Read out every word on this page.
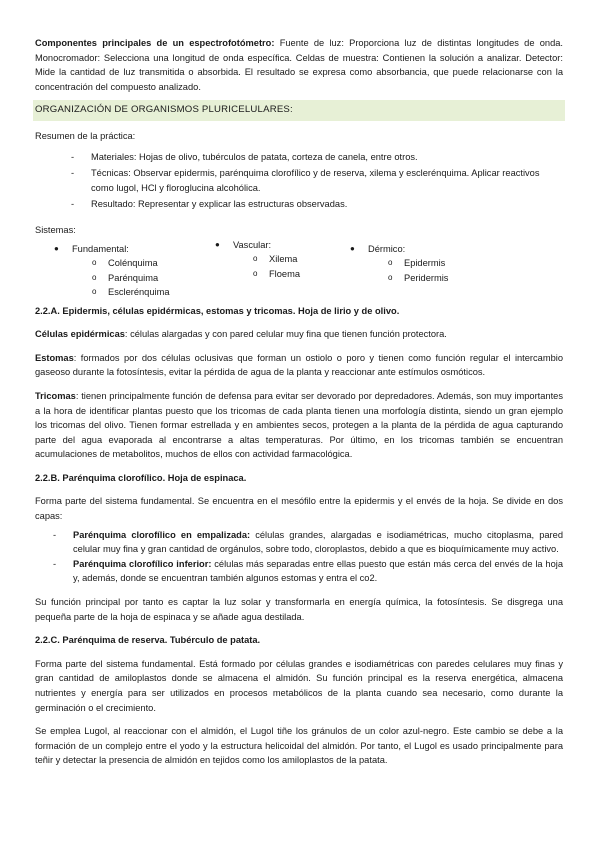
Componentes principales de un espectrofotómetro: Fuente de luz: Proporciona luz de distintas longitudes de onda. Monocromador: Selecciona una longitud de onda específica. Celdas de muestra: Contienen la solución a analizar. Detector: Mide la cantidad de luz transmitida o absorbida. El resultado se expresa como absorbancia, que puede relacionarse con la concentración del compuesto analizado.

ORGANIZACIÓN DE ORGANISMOS PLURICELULARES:

Resumen de la práctica:

- Materiales: Hojas de olivo, tubérculos de patata, corteza de canela, entre otros.
- Técnicas: Observar epidermis, parénquima clorofílico y de reserva, xilema y esclerénquima. Aplicar reactivos como lugol, HCl y floroglucina alcohólica.
- Resultado: Representar y explicar las estructuras observadas.

Sistemas:

● Fundamental:
o Colénquima
o Parénquima
o Esclerénquima
● Vascular:
o Xilema
o Floema
● Dérmico:
o Epidermis
o Peridermis

2.2.A. Epidermis, células epidérmicas, estomas y tricomas. Hoja de lirio y de olivo.

Células epidérmicas: células alargadas y con pared celular muy fina que tienen función protectora.

Estomas: formados por dos células oclusivas que forman un ostiolo o poro y tienen como función regular el intercambio gaseoso durante la fotosíntesis, evitar la pérdida de agua de la planta y reaccionar ante estímulos osmóticos.

Tricomas: tienen principalmente función de defensa para evitar ser devorado por depredadores. Además, son muy importantes a la hora de identificar plantas puesto que los tricomas de cada planta tienen una morfología distinta, siendo un gran ejemplo los tricomas del olivo. Tienen formar estrellada y en ambientes secos, protegen a la planta de la pérdida de agua capturando parte del agua evaporada al encontrarse a altas temperaturas. Por último, en los tricomas también se encuentran acumulaciones de metabolitos, muchos de ellos con actividad farmacológica.

2.2.B. Parénquima clorofílico. Hoja de espinaca.

Forma parte del sistema fundamental. Se encuentra en el mesófilo entre la epidermis y el envés de la hoja. Se divide en dos capas:

- Parénquima clorofílico en empalizada: células grandes, alargadas e isodiamétricas, mucho citoplasma, pared celular muy fina y gran cantidad de orgánulos, sobre todo, cloroplastos, debido a que es bioquímicamente muy activo.
- Parénquima clorofílico inferior: células más separadas entre ellas puesto que están más cerca del envés de la hoja y, además, donde se encuentran también algunos estomas y entra el co2.

Su función principal por tanto es captar la luz solar y transformarla en energía química, la fotosíntesis. Se disgrega una pequeña parte de la hoja de espinaca y se añade agua destilada.

2.2.C. Parénquima de reserva. Tubérculo de patata.

Forma parte del sistema fundamental. Está formado por células grandes e isodiamétricas con paredes celulares muy finas y gran cantidad de amiloplastos donde se almacena el almidón. Su función principal es la reserva energética, almacena nutrientes y energía para ser utilizados en procesos metabólicos de la planta cuando sea necesario, como durante la germinación o el crecimiento.

Se emplea Lugol, al reaccionar con el almidón, el Lugol tiñe los gránulos de un color azul-negro. Este cambio se debe a la formación de un complejo entre el yodo y la estructura helicoidal del almidón. Por tanto, el Lugol es usado principalmente para teñir y detectar la presencia de almidón en tejidos como los amiloplastos de la patata.
